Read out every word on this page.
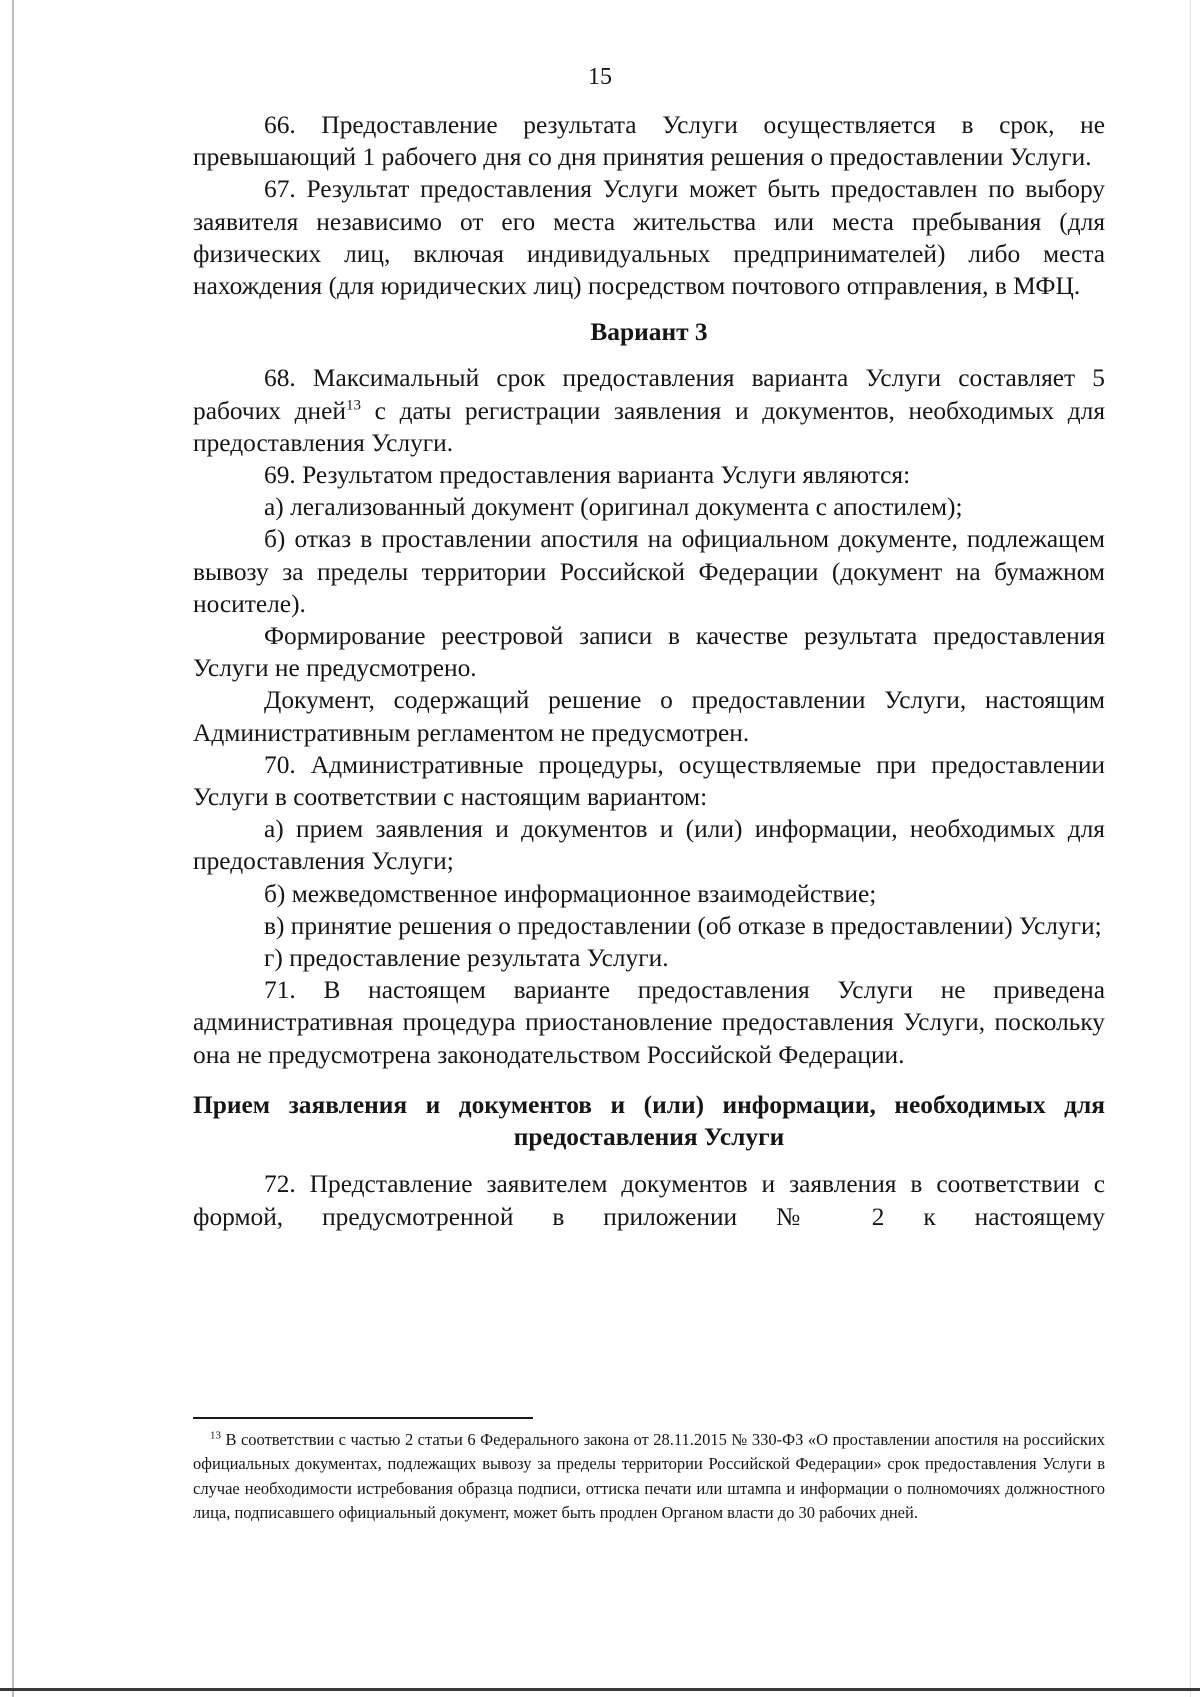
15

66. Предоставление результата Услуги осуществляется в срок, не превышающий 1 рабочего дня со дня принятия решения о предоставлении Услуги.

67. Результат предоставления Услуги может быть предоставлен по выбору заявителя независимо от его места жительства или места пребывания (для физических лиц, включая индивидуальных предпринимателей) либо места нахождения (для юридических лиц) посредством почтового отправления, в МФЦ.

Вариант 3

68. Максимальный срок предоставления варианта Услуги составляет 5 рабочих дней$^{13}$ с даты регистрации заявления и документов, необходимых для предоставления Услуги.

69. Результатом предоставления варианта Услуги являются:

а) легализованный документ (оригинал документа с апостилем);

б) отказ в проставлении апостиля на официальном документе, подлежащем вывозу за пределы территории Российской Федерации (документ на бумажном носителе).

Формирование реестровой записи в качестве результата предоставления Услуги не предусмотрено.

Документ, содержащий решение о предоставлении Услуги, настоящим Административным регламентом не предусмотрен.

70. Административные процедуры, осуществляемые при предоставлении Услуги в соответствии с настоящим вариантом:

а) прием заявления и документов и (или) информации, необходимых для предоставления Услуги;

б) межведомственное информационное взаимодействие;

в) принятие решения о предоставлении (об отказе в предоставлении) Услуги;

г) предоставление результата Услуги.

71. В настоящем варианте предоставления Услуги не приведена административная процедура приостановление предоставления Услуги, поскольку она не предусмотрена законодательством Российской Федерации.

Прием заявления и документов и (или) информации, необходимых для
предоставления Услуги

72. Представление заявителем документов и заявления в соответствии с формой, предусмотренной в приложении № 2 к настоящему

$^{13}$ В соответствии с частью 2 статьи 6 Федерального закона от 28.11.2015 № 330-ФЗ «О проставлении апостиля на российских официальных документах, подлежащих вывозу за пределы территории Российской Федерации» срок предоставления Услуги в случае необходимости истребования образца подписи, оттиска печати или штампа и информации о полномочиях должностного лица, подписавшего официальный документ, может быть продлен Органом власти до 30 рабочих дней.
